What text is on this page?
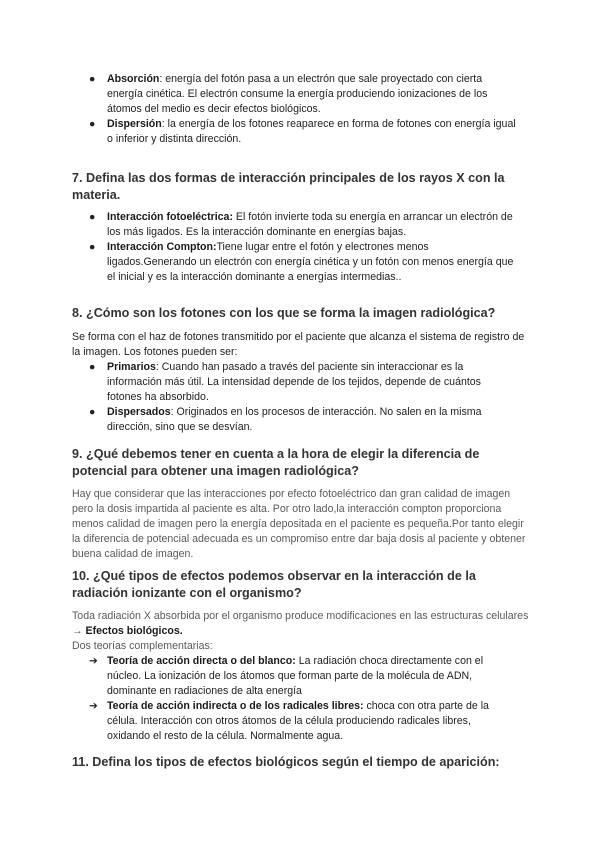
● Absorción: energía del fotón pasa a un electrón que sale proyectado con cierta energía cinética. El electrón consume la energía produciendo ionizaciones de los átomos del medio es decir efectos biológicos.
● Dispersión: la energía de los fotones reaparece en forma de fotones con energía igual o inferior y distinta dirección.
7. Defina las dos formas de interacción principales de los rayos X con la materia.
● Interacción fotoeléctrica: El fotón invierte toda su energía en arrancar un electrón de los más ligados. Es la interacción dominante en energías bajas.
● Interacción Compton:Tiene lugar entre el fotón y electrones menos ligados.Generando un electrón con energía cinética y un fotón con menos energía que el inicial y es la interacción dominante a energías intermedias..
8. ¿Cómo son los fotones con los que se forma la imagen radiológica?

Se forma con el haz de fotones transmitido por el paciente que alcanza el sistema de registro de la imagen. Los fotones pueden ser:

● Primarios: Cuando han pasado a través del paciente sin interaccionar es la información más útil. La intensidad depende de los tejidos, depende de cuántos fotones ha absorbido.
● Dispersados: Originados en los procesos de interacción. No salen en la misma dirección, sino que se desvían.
9. ¿Qué debemos tener en cuenta a la hora de elegir la diferencia de potencial para obtener una imagen radiológica?

Hay que considerar que las interacciones por efecto fotoeléctrico dan gran calidad de imagen pero la dosis impartida al paciente es alta. Por otro lado,la interacción compton proporciona menos calidad de imagen pero la energía depositada en el paciente es pequeña.Por tanto elegir la diferencia de potencial adecuada es un compromiso entre dar baja dosis al paciente y obtener buena calidad de imagen.

10. ¿Qué tipos de efectos podemos observar en la interacción de la radiación ionizante con el organismo?

Toda radiación X absorbida por el organismo produce modificaciones en las estructuras celulares → Efectos biológicos.
Dos teorías complementarias:

➔ Teoría de acción directa o del blanco: La radiación choca directamente con el núcleo. La ionización de los átomos que forman parte de la molécula de ADN, dominante en radiaciones de alta energía
➔ Teoría de acción indirecta o de los radicales libres: choca con otra parte de la célula. Interacción con otros átomos de la célula produciendo radicales libres, oxidando el resto de la célula. Normalmente agua.
11. Defina los tipos de efectos biológicos según el tiempo de aparición:
